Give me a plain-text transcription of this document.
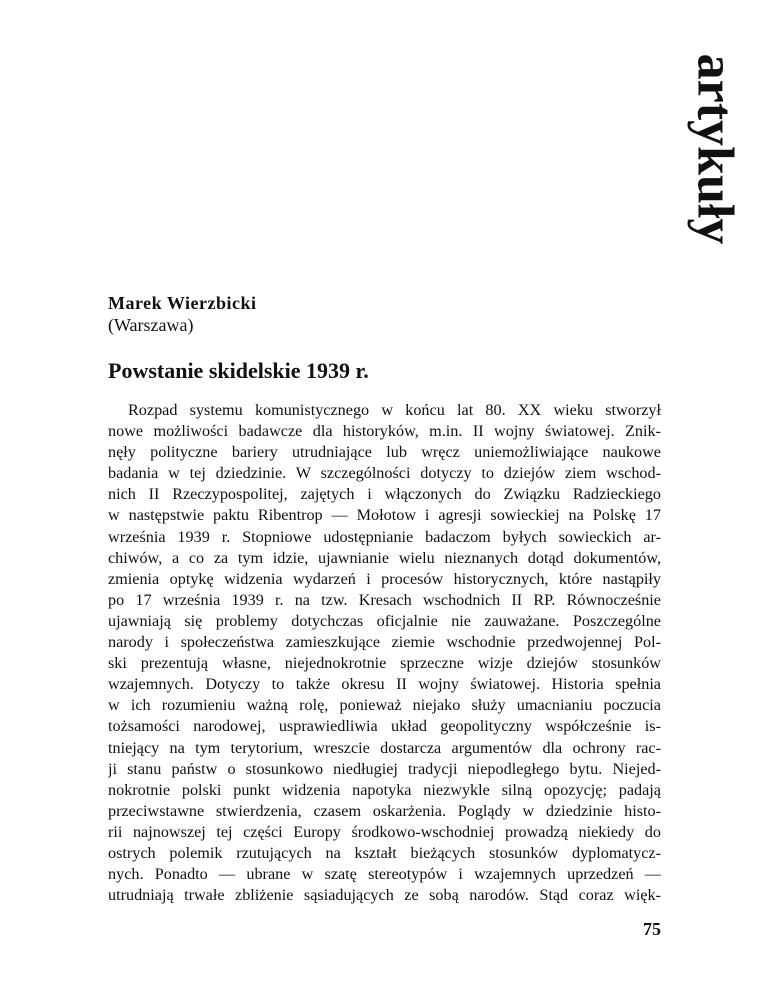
artykuły
Marek Wierzbicki
(Warszawa)
Powstanie skidelskie 1939 r.
Rozpad systemu komunistycznego w końcu lat 80. XX wieku stworzył
nowe możliwości badawcze dla historyków, m.in. II wojny światowej. Znik-
nęły polityczne bariery utrudniające lub wręcz uniemożliwiające naukowe
badania w tej dziedzinie. W szczególności dotyczy to dziejów ziem wschod-
nich II Rzeczypospolitej, zajętych i włączonych do Związku Radzieckiego
w następstwie paktu Ribentrop — Mołotow i agresji sowieckiej na Polskę 17
września 1939 r. Stopniowe udostępnianie badaczom byłych sowieckich ar-
chiwów, a co za tym idzie, ujawnianie wielu nieznanych dotąd dokumentów,
zmienia optykę widzenia wydarzeń i procesów historycznych, które nastąpiły
po 17 września 1939 r. na tzw. Kresach wschodnich II RP. Równocześnie
ujawniają się problemy dotychczas oficjalnie nie zauważane. Poszczególne
narody i społeczeństwa zamieszkujące ziemie wschodnie przedwojennej Pol-
ski prezentują własne, niejednokrotnie sprzeczne wizje dziejów stosunków
wzajemnych. Dotyczy to także okresu II wojny światowej. Historia spełnia
w ich rozumieniu ważną rolę, ponieważ niejako służy umacnianiu poczucia
tożsamości narodowej, usprawiedliwia układ geopolityczny współcześnie is-
tniejący na tym terytorium, wreszcie dostarcza argumentów dla ochrony rac-
ji stanu państw o stosunkowo niedługiej tradycji niepodległego bytu. Niejed-
nokrotnie polski punkt widzenia napotyka niezwykle silną opozycję; padają
przeciwstawne stwierdzenia, czasem oskarżenia. Poglądy w dziedzinie histo-
rii najnowszej tej części Europy środkowo-wschodniej prowadzą niekiedy do
ostrych polemik rzutujących na kształt bieżących stosunków dyplomatycz-
nych. Ponadto — ubrane w szatę stereotypów i wzajemnych uprzedzeń —
utrudniają trwałe zbliżenie sąsiadujących ze sobą narodów. Stąd coraz więk-
75
